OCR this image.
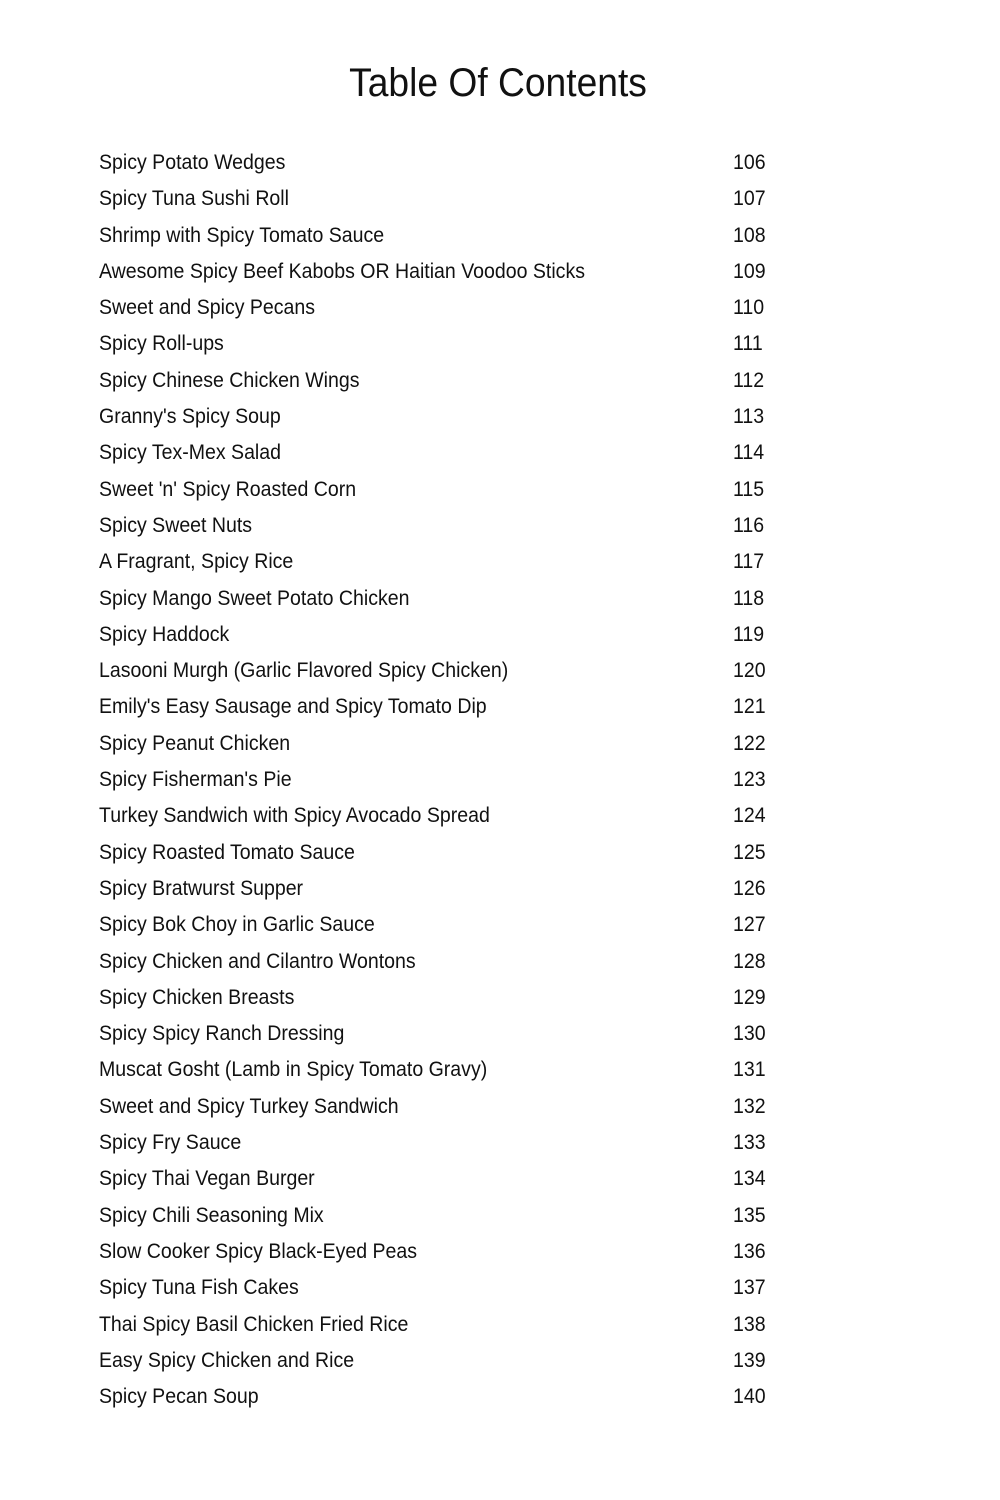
Table Of Contents
Spicy Potato Wedges	106
Spicy Tuna Sushi Roll	107
Shrimp with Spicy Tomato Sauce	108
Awesome Spicy Beef Kabobs OR Haitian Voodoo Sticks	109
Sweet and Spicy Pecans	110
Spicy Roll-ups	111
Spicy Chinese Chicken Wings	112
Granny's Spicy Soup	113
Spicy Tex-Mex Salad	114
Sweet 'n' Spicy Roasted Corn	115
Spicy Sweet Nuts	116
A Fragrant, Spicy Rice	117
Spicy Mango Sweet Potato Chicken	118
Spicy Haddock	119
Lasooni Murgh (Garlic Flavored Spicy Chicken)	120
Emily's Easy Sausage and Spicy Tomato Dip	121
Spicy Peanut Chicken	122
Spicy Fisherman's Pie	123
Turkey Sandwich with Spicy Avocado Spread	124
Spicy Roasted Tomato Sauce	125
Spicy Bratwurst Supper	126
Spicy Bok Choy in Garlic Sauce	127
Spicy Chicken and Cilantro Wontons	128
Spicy Chicken Breasts	129
Spicy Spicy Ranch Dressing	130
Muscat Gosht (Lamb in Spicy Tomato Gravy)	131
Sweet and Spicy Turkey Sandwich	132
Spicy Fry Sauce	133
Spicy Thai Vegan Burger	134
Spicy Chili Seasoning Mix	135
Slow Cooker Spicy Black-Eyed Peas	136
Spicy Tuna Fish Cakes	137
Thai Spicy Basil Chicken Fried Rice	138
Easy Spicy Chicken and Rice	139
Spicy Pecan Soup	140
